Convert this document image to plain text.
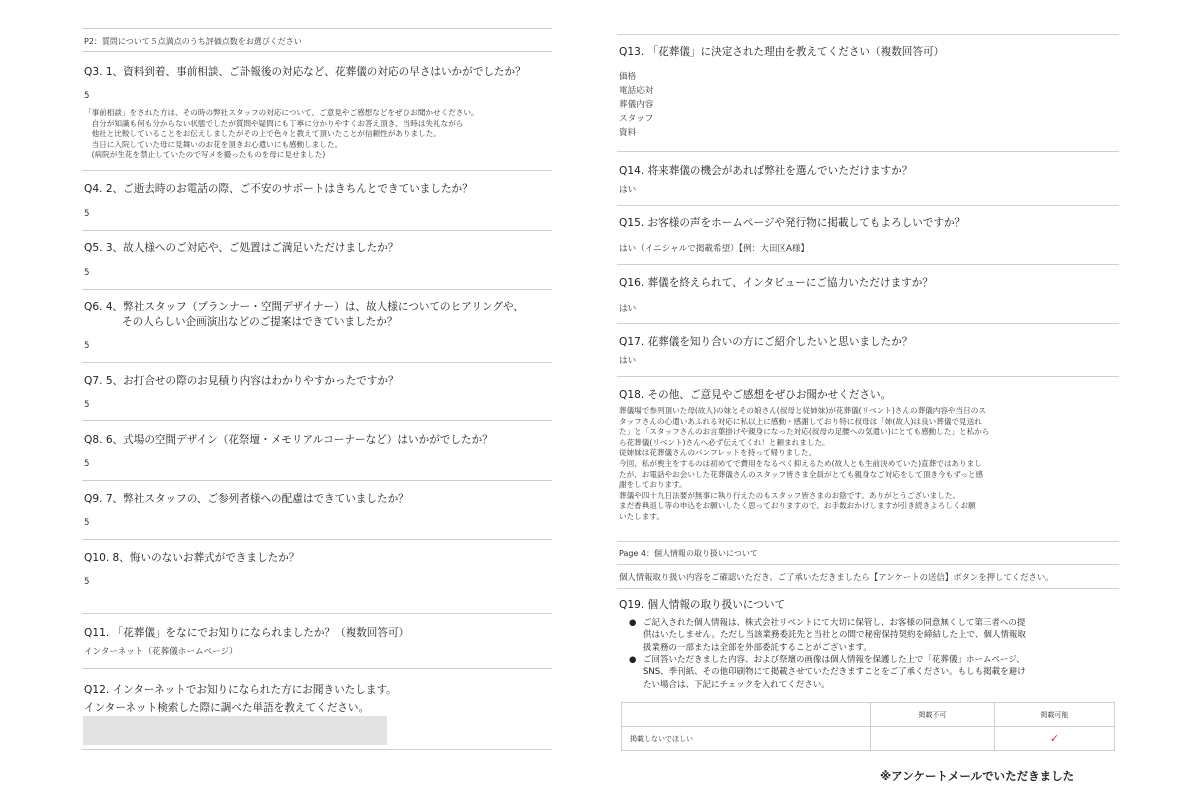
P2：質問について５点満点のうち評価点数をお選びください
Q3. 1、資料到着、事前相談、ご訃報後の対応など、花葬儀の対応の早さはいかがでしたか？
5
「事前相談」をされた方は、その時の弊社スタッフの対応について、ご意見やご感想などをぜひお聞かせください。
　自分が知識も何も分からない状態でしたが質問や疑問にも丁寧に分かりやすくお答え頂き、当時は失礼ながら
　他社と比較していることをお伝えしましたがその上で色々と教えて頂いたことが信頼性がありました。
　当日に入院していた母に見舞いのお花を頂きお心遣いにも感動しました。
　(病院が生花を禁止していたので写メを撮ったものを母に見せました)
Q4. 2、ご逝去時のお電話の際、ご不安のサポートはきちんとできていましたか？
5
Q5. 3、故人様へのご対応や、ご処置はご満足いただけましたか？
5
Q6. 4、弊社スタッフ（プランナー・空間デザイナー）は、故人様についてのヒアリングや、
その人らしい企画演出などのご提案はできていましたか？
5
Q7. 5、お打合せの際のお見積り内容はわかりやすかったですか？
5
Q8. 6、式場の空間デザイン（花祭壇・メモリアルコーナーなど）はいかがでしたか？
5
Q9. 7、弊社スタッフの、ご参列者様への配慮はできていましたか？
5
Q10. 8、悔いのないお葬式ができましたか？
5
Q11. 「花葬儀」をなにでお知りになられましたか？（複数回答可）
インターネット（花葬儀ホームページ）
Q12. インターネットでお知りになられた方にお聞きいたします。
インターネット検索した際に調べた単語を教えてください。
Q13. 「花葬儀」に決定された理由を教えてください（複数回答可）
価格
電話応対
葬儀内容
スタッフ
資料
Q14. 将来葬儀の機会があれば弊社を選んでいただけますか？
はい
Q15. お客様の声をホームページや発行物に掲載してもよろしいですか？
はい（イニシャルで掲載希望）【例：大田区A様】
Q16. 葬儀を終えられて、インタビューにご協力いただけますか？
はい
Q17. 花葬儀を知り合いの方にご紹介したいと思いましたか？
はい
Q18. その他、ご意見やご感想をぜひお聞かせください。
葬儀場で参列頂いた母(故人)の妹とその娘さん(叔母と従姉妹)が花葬儀(リベント)さんの葬儀内容や当日のス
タッフさんの心遣いあふれる対応に私以上に感動・感謝しており特に叔母は「姉(故人)は良い葬儀で見送れ
た」と「スタッフさんのお言葉掛けや親身になった対応(叔母の足腰への気遣い)にとても感動した」と私から
ら花葬儀(リベント)さんへ必ず伝えてくれ！と頼まれました。
従姉妹は花葬儀さんのパンフレットを持って帰りました。
今回、私が喪主をするのは初めてで費用をなるべく抑えるため(故人とも生前決めていた)直葬ではありまし
たが、お電話やお会いした花葬儀さんのスタッフ皆さま全員がとても親身なご対応をして頂き今もずっと感
謝をしております。
葬儀や四十九日法要が無事に執り行えたのもスタッフ皆さまのお陰です。ありがとうございました。
まだ香典返し等の申込をお願いしたく思っておりますので、お手数おかけしますが引き続きよろしくお願
いたします。
Page 4：個人情報の取り扱いについて
個人情報取り扱い内容をご確認いただき、ご了承いただきましたら【アンケートの送信】ボタンを押してください。
Q19. 個人情報の取り扱いについて
● ご記入された個人情報は、株式会社リベントにて大切に保管し、お客様の同意無くして第三者への提
供はいたしません。ただし当該業務委託先と当社との間で秘密保持契約を締結した上で、個人情報取
扱業務の一部または全部を外部委託することがございます。
● ご回答いただきました内容、および祭壇の画像は個人情報を保護した上で「花葬儀」ホームページ、
SNS、季刊紙、その他印刷物にて掲載させていただきますことをご了承ください。もしも掲載を避け
たい場合は、下記にチェックを入れてください。
	掲載不可	掲載可能
掲載しないでほしい		✓
※アンケートメールでいただきました
